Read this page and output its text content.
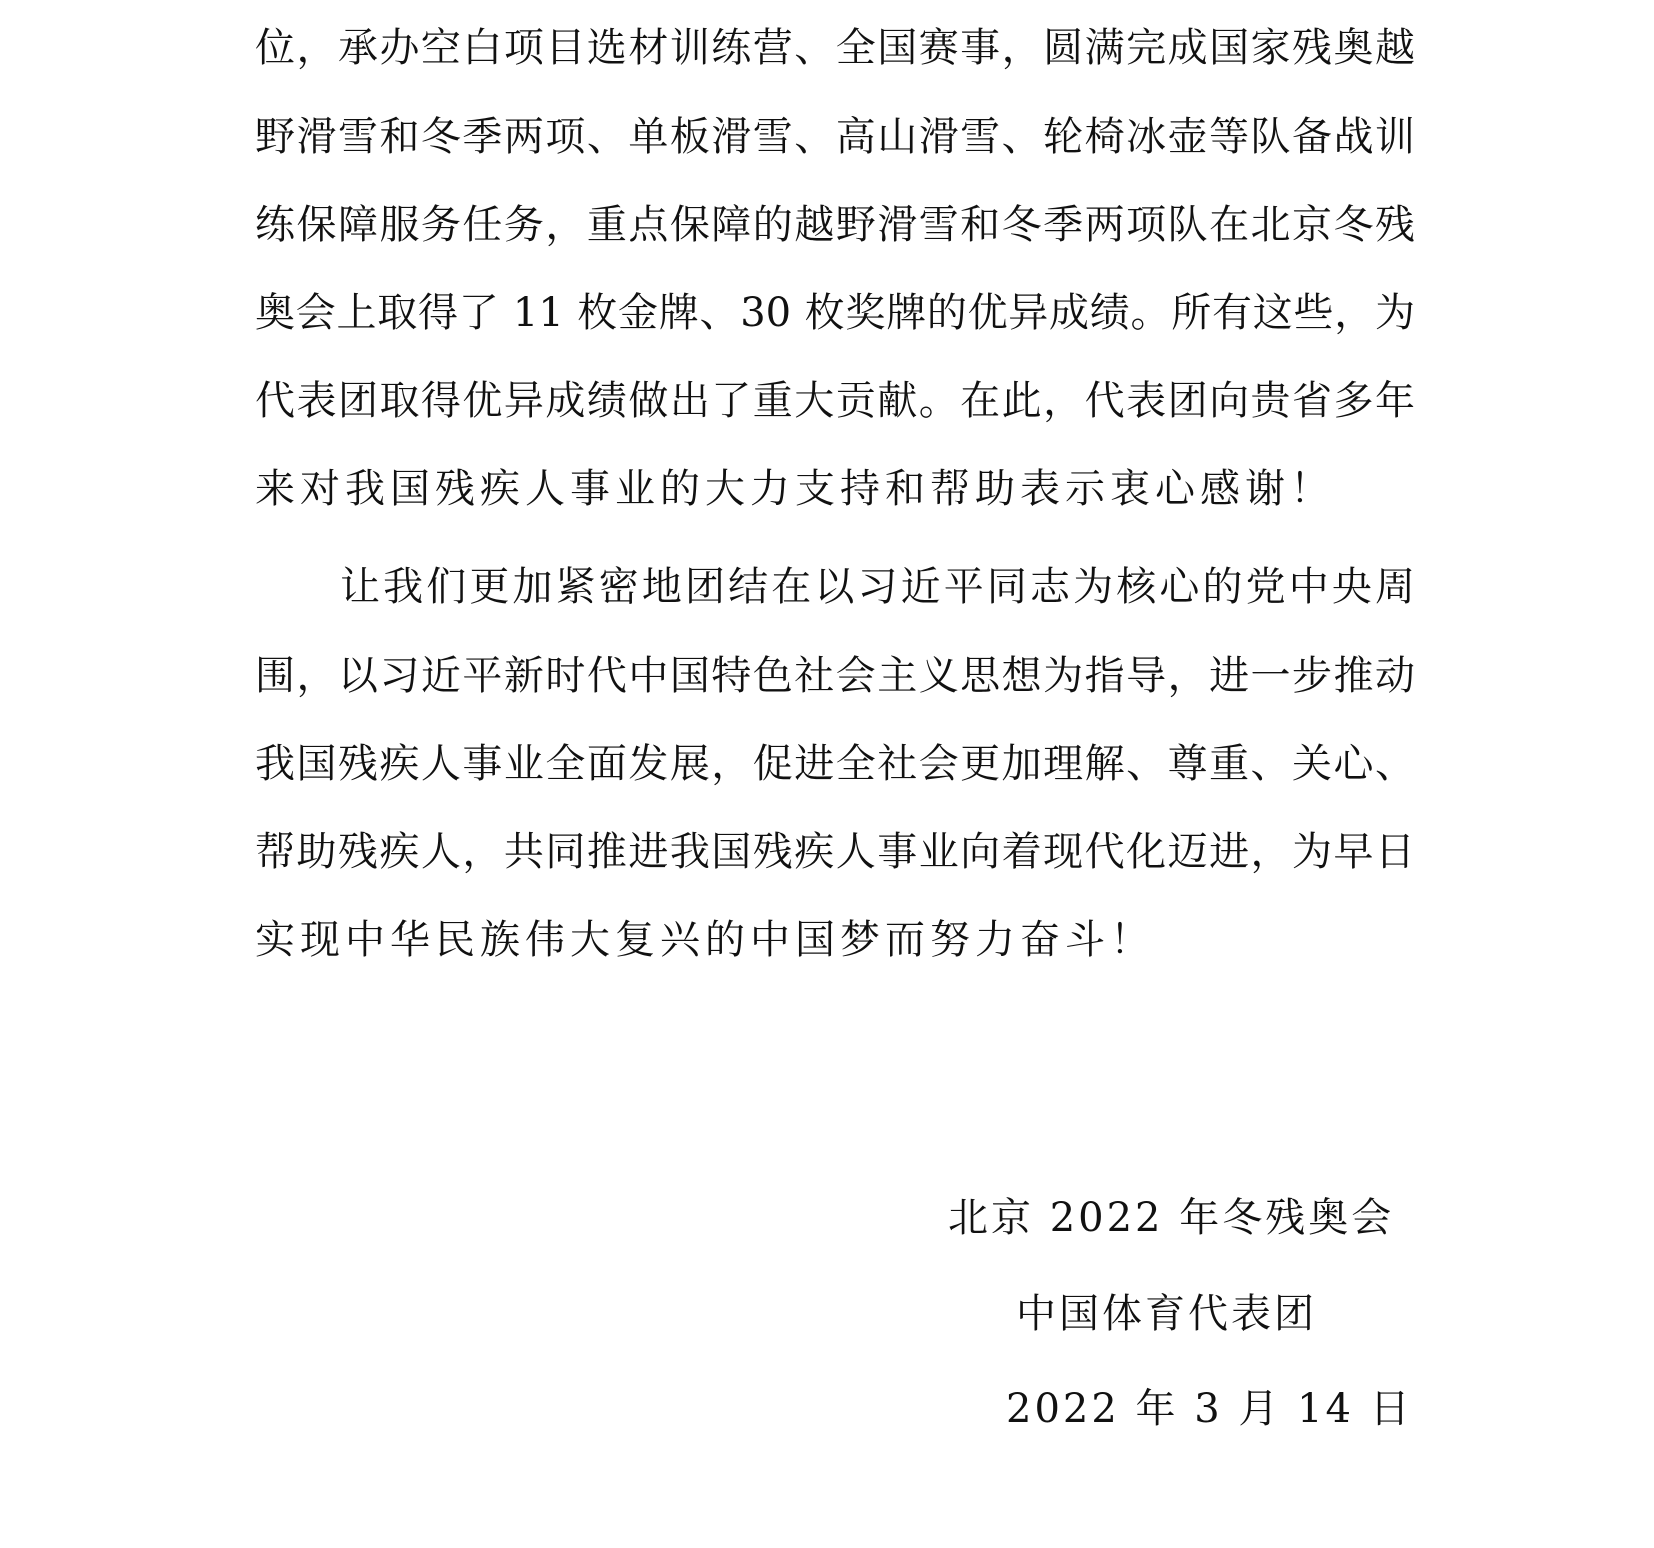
位，承办空白项目选材训练营、全国赛事，圆满完成国家残奥越
野滑雪和冬季两项、单板滑雪、高山滑雪、轮椅冰壶等队备战训
练保障服务任务，重点保障的越野滑雪和冬季两项队在北京冬残
奥会上取得了 11 枚金牌、30 枚奖牌的优异成绩。所有这些，为
代表团取得优异成绩做出了重大贡献。在此，代表团向贵省多年
来对我国残疾人事业的大力支持和帮助表示衷心感谢！
让我们更加紧密地团结在以习近平同志为核心的党中央周
围，以习近平新时代中国特色社会主义思想为指导，进一步推动
我国残疾人事业全面发展，促进全社会更加理解、尊重、关心、
帮助残疾人，共同推进我国残疾人事业向着现代化迈进，为早日
实现中华民族伟大复兴的中国梦而努力奋斗！
北京 2022 年冬残奥会
中国体育代表团
2022 年 3 月 14 日
